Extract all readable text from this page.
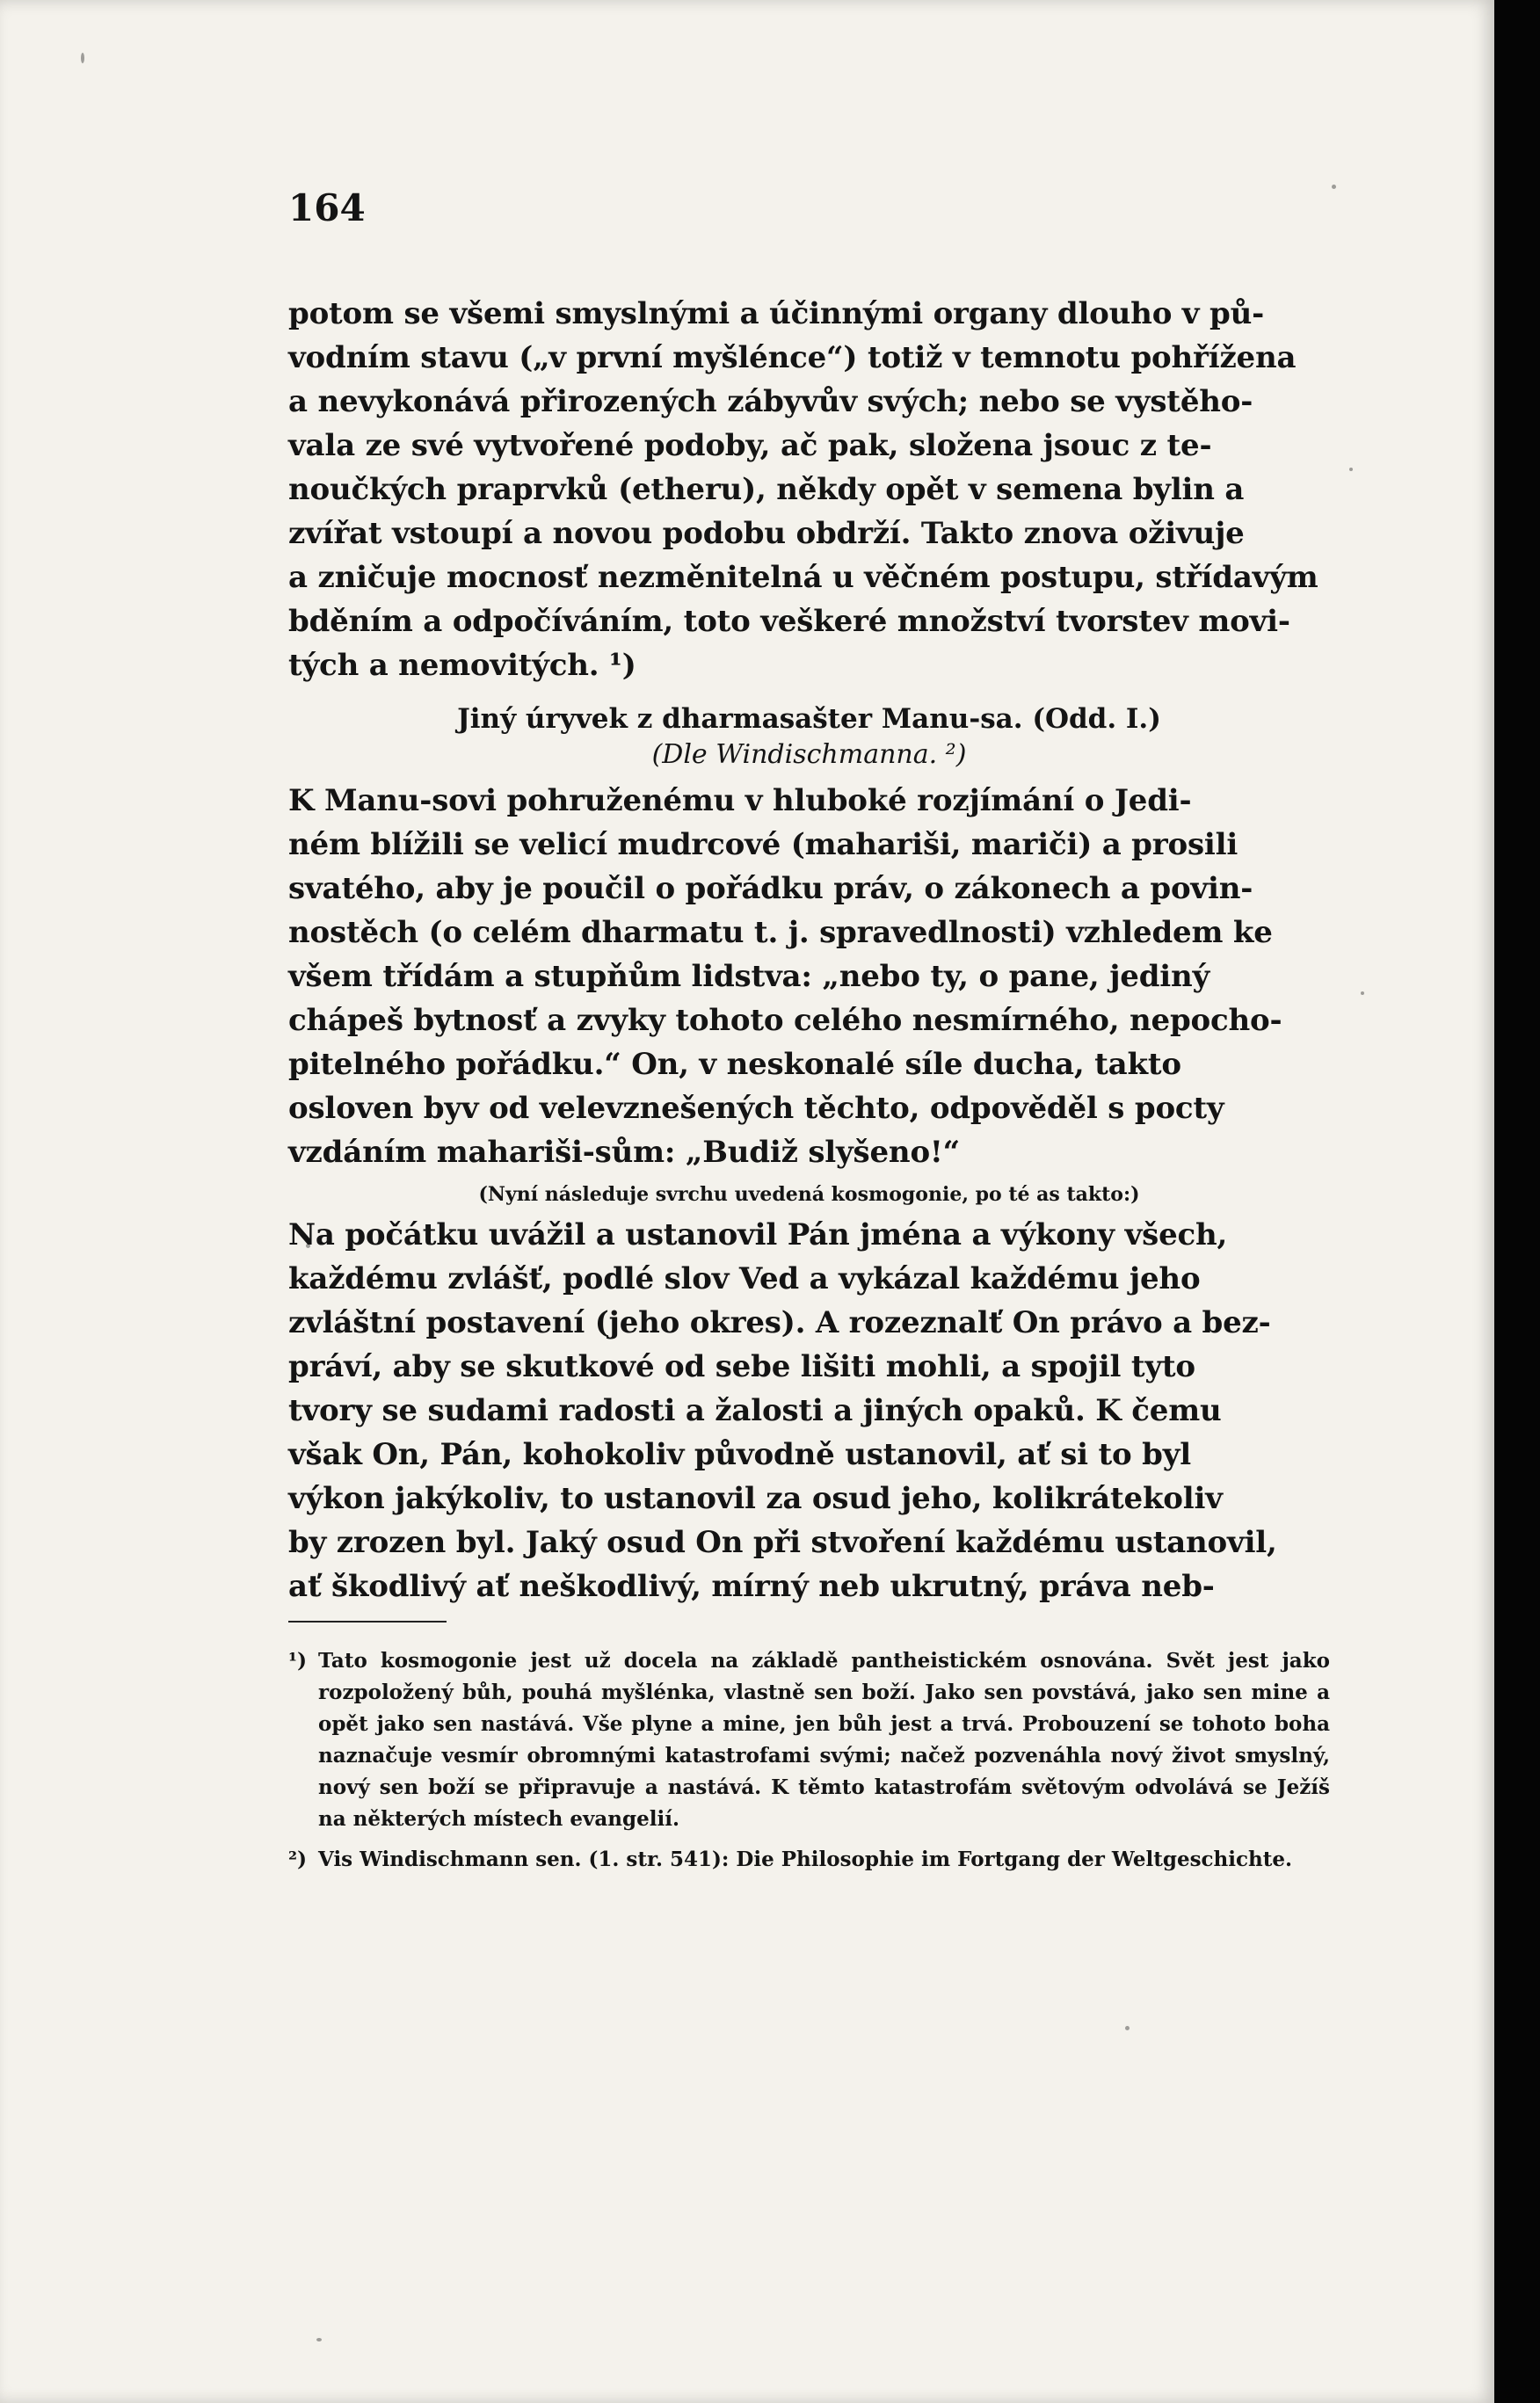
164

potom se všemi smyslnými a účinnými organy dlouho v pů-

vodním stavu („v první myšlénce“) totiž v temnotu pohřížena

a nevykonává přirozených zábyvův svých; nebo se vystěho-

vala ze své vytvořené podoby, ač pak, složena jsouc z te-

noučkých praprvků (etheru), někdy opět v semena bylin a

zvířat vstoupí a novou podobu obdrží. Takto znova oživuje

a zničuje mocnosť nezměnitelná u věčném postupu, střídavým

bděním a odpočíváním, toto veškeré množství tvorstev movi-

tých a nemovitých. ¹)

Jiný úryvek z dharmasašter Manu-sa. (Odd. I.)
(Dle Windischmanna. ²)

K Manu-sovi pohruženému v hluboké rozjímání o Jedi-

ném blížili se velicí mudrcové (mahariši, mariči) a prosili

svatého, aby je poučil o pořádku práv, o zákonech a povin-

nostěch (o celém dharmatu t. j. spravedlnosti) vzhledem ke

všem třídám a stupňům lidstva: „nebo ty, o pane, jediný

chápeš bytnosť a zvyky tohoto celého nesmírného, nepocho-

pitelného pořádku.“ On, v neskonalé síle ducha, takto

osloven byv od velevznešených těchto, odpověděl s pocty

vzdáním mahariši-sům: „Budiž slyšeno!“

(Nyní následuje svrchu uvedená kosmogonie, po té as takto:)

Na počátku uvážil a ustanovil Pán jména a výkony všech,

každému zvlášť, podlé slov Ved a vykázal každému jeho

zvláštní postavení (jeho okres). A rozeznalť On právo a bez-

práví, aby se skutkové od sebe lišiti mohli, a spojil tyto

tvory se sudami radosti a žalosti a jiných opaků. K čemu

však On, Pán, kohokoliv původně ustanovil, ať si to byl

výkon jakýkoliv, to ustanovil za osud jeho, kolikrátekoliv

by zrozen byl. Jaký osud On při stvoření každému ustanovil,

ať škodlivý ať neškodlivý, mírný neb ukrutný, práva neb-

¹) Tato kosmogonie jest už docela na základě pantheistickém osnována. Svět jest jako rozpoložený bůh, pouhá myšlénka, vlastně sen boží. Jako sen povstává, jako sen mine a opět jako sen nastává. Vše plyne a mine, jen bůh jest a trvá. Probouzení se tohoto boha naznačuje vesmír obromnými katastrofami svými; načež pozvenáhla nový život smyslný, nový sen boží se připravuje a nastává. K těmto katastrofám světovým odvolává se Ježíš na některých místech evangelií.
²) Vis Windischmann sen. (1. str. 541): Die Philosophie im Fortgang der Weltgeschichte.
